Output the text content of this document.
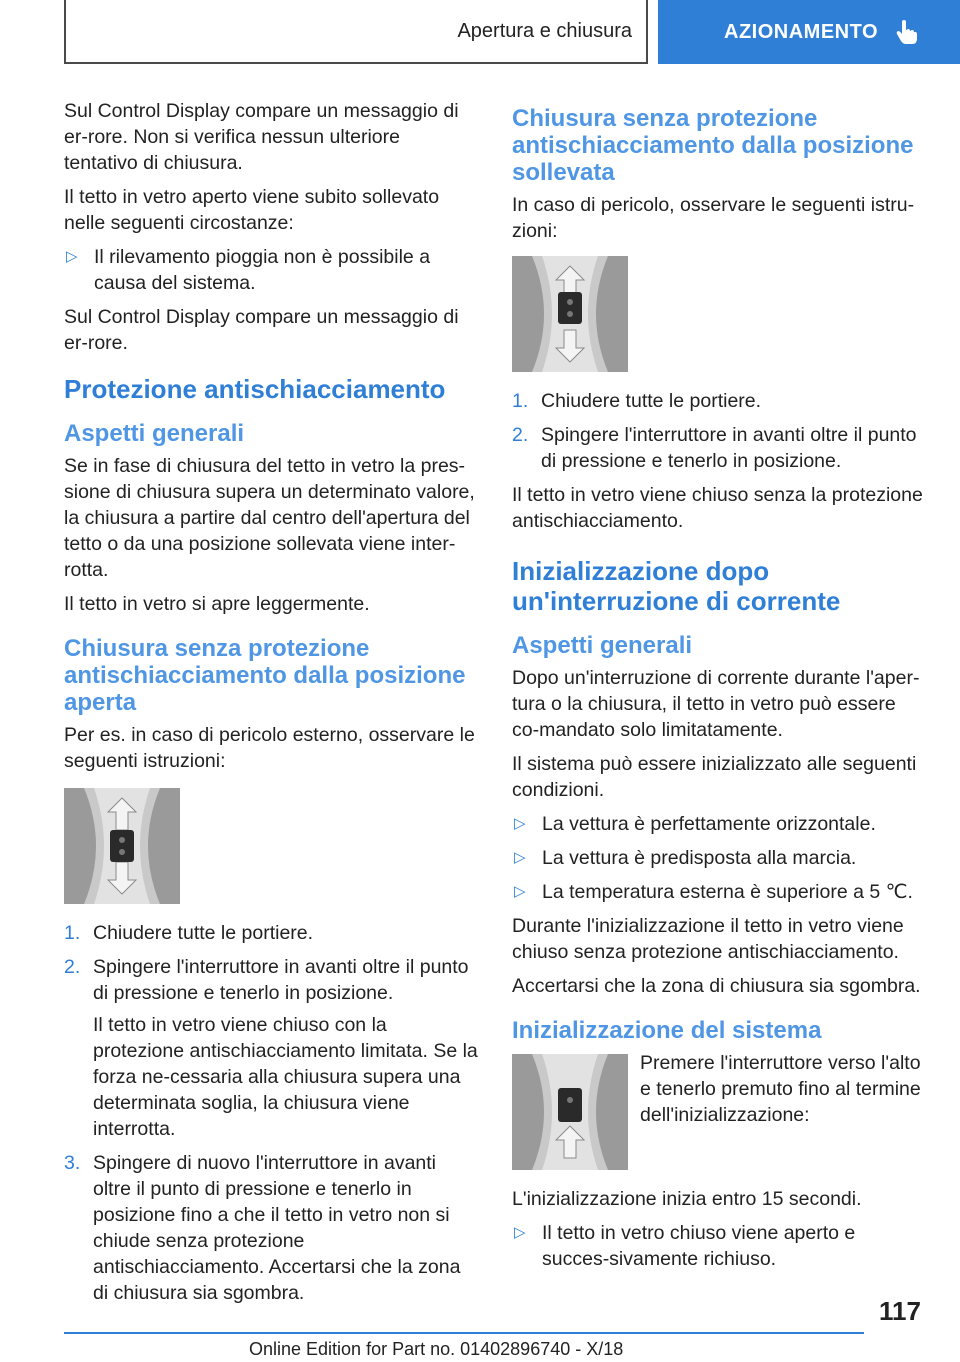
Apertura e chiusura	AZIONAMENTO

Sul Control Display compare un messaggio di er-rore. Non si verifica nessun ulteriore tentativo di chiusura.

Il tetto in vetro aperto viene subito sollevato nelle seguenti circostanze:

▷ Il rilevamento pioggia non è possibile a causa del sistema.

Sul Control Display compare un messaggio di er-rore.

Protezione antischiacciamento
Aspetti generali

Se in fase di chiusura del tetto in vetro la pres-sione di chiusura supera un determinato valore, la chiusura a partire dal centro dell'apertura del tetto o da una posizione sollevata viene inter-rotta.

Il tetto in vetro si apre leggermente.

Chiusura senza protezione antischiacciamento dalla posizione aperta

Per es. in caso di pericolo esterno, osservare le seguenti istruzioni:

1. Chiudere tutte le portiere.
2. Spingere l'interruttore in avanti oltre il punto di pressione e tenerlo in posizione.
Il tetto in vetro viene chiuso con la protezione antischiacciamento limitata. Se la forza ne-cessaria alla chiusura supera una determinata soglia, la chiusura viene interrotta.
3. Spingere di nuovo l'interruttore in avanti oltre il punto di pressione e tenerlo in posizione fino a che il tetto in vetro non si chiude senza protezione antischiacciamento. Accertarsi che la zona di chiusura sia sgombra.
Chiusura senza protezione antischiacciamento dalla posizione sollevata

In caso di pericolo, osservare le seguenti istru-zioni:

1. Chiudere tutte le portiere.
2. Spingere l'interruttore in avanti oltre il punto di pressione e tenerlo in posizione.

Il tetto in vetro viene chiuso senza la protezione antischiacciamento.

Inizializzazione dopo un'interruzione di corrente
Aspetti generali

Dopo un'interruzione di corrente durante l'aper-tura o la chiusura, il tetto in vetro può essere co-mandato solo limitatamente.

Il sistema può essere inizializzato alle seguenti condizioni.

▷ La vettura è perfettamente orizzontale.
▷ La vettura è predisposta alla marcia.
▷ La temperatura esterna è superiore a 5 ℃.

Durante l'inizializzazione il tetto in vetro viene chiuso senza protezione antischiacciamento.

Accertarsi che la zona di chiusura sia sgombra.

Inizializzazione del sistema

Premere l'interruttore verso l'alto e tenerlo premuto fino al termine dell'inizializzazione:

L'inizializzazione inizia entro 15 secondi.

▷ Il tetto in vetro chiuso viene aperto e succes-sivamente richiuso.
117
Online Edition for Part no. 01402896740 - X/18
